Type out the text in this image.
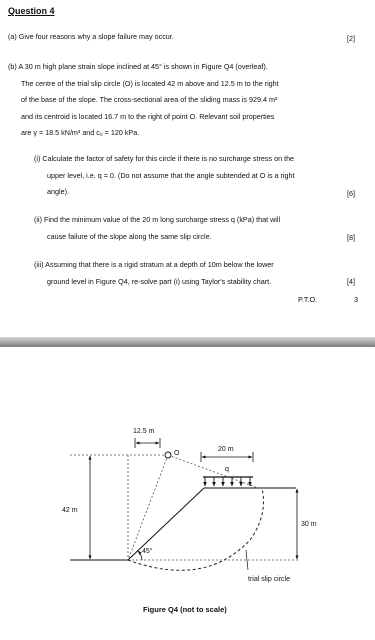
Question 4
(a) Give four reasons why a slope failure may occur.	[2]
(b) A 30 m high plane strain slope inclined at 45° is shown in Figure Q4 (overleaf).
The centre of the trial slip circle (O) is located 42 m above and 12.5 m to the right
of the base of the slope. The cross-sectional area of the sliding mass is 929.4 m²
and its centroid is located 16.7 m to the right of point O. Relevant soil properties
are γ = 18.5 kN/m³ and cᵤ = 120 kPa.
(i) Calculate the factor of safety for this circle if there is no surcharge stress on the
upper level, i.e. q = 0. (Do not assume that the angle subtended at O is a right
angle).	[6]
(ii) Find the minimum value of the 20 m long surcharge stress q (kPa) that will
cause failure of the slope along the same slip circle.	[8]
(iii) Assuming that there is a rigid stratum at a depth of 10m below the lower
ground level in Figure Q4, re-solve part (i) using Taylor's stability chart.	[4]
P.T.O.	3
O
12.5 m
20 m
q
42 m
30 m
45°
trial slip circle
Figure Q4 (not to scale)
